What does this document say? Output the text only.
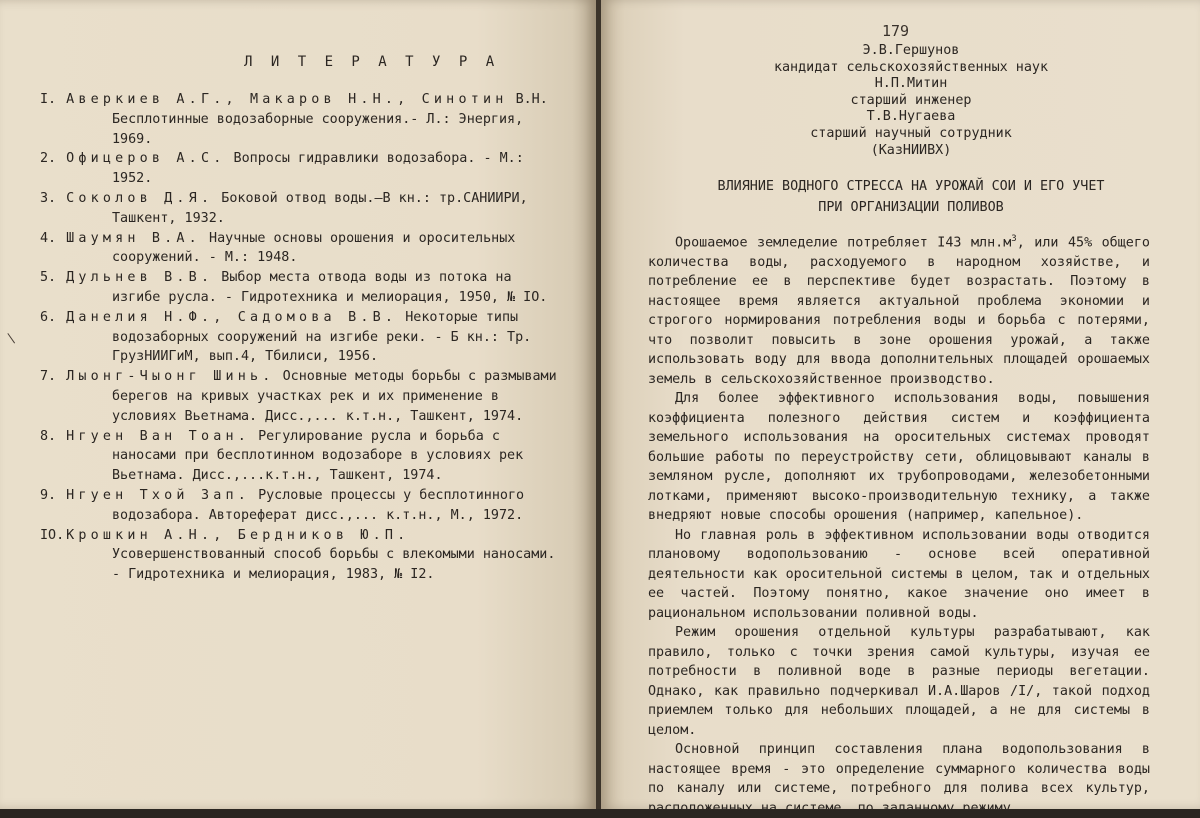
Л И Т Е Р А Т У Р А
I. Аверкиев А.Г., Макаров Н.Н., Синотин В.Н. Бесплотинные водозаборные сооружения.- Л.: Энергия, 1969.
2. Офицеров А.С. Вопросы гидравлики водозабора. - М.: 1952.
3. Соколов Д.Я. Боковой отвод воды.—В кн.: тр.САНИИРИ, Ташкент, 1932.
4. Шаумян В.А. Научные основы орошения и оросительных сооружений. - М.: 1948.
5. Дульнев В.В. Выбор места отвода воды из потока на изгибе русла. - Гидротехника и мелиорация, 1950, № IO.
6. Данелия Н.Ф., Садомова В.В. Некоторые типы водозаборных сооружений на изгибе реки. - Б кн.: Тр. ГрузНИИГиМ, вып.4, Тбилиси, 1956.
7. Лыонг-Чыонг Шинь. Основные методы борьбы с размывами берегов на кривых участках рек и их применение в условиях Вьетнама. Дисс.,... к.т.н., Ташкент, 1974.
8. Нгуен Ван Тоан. Регулирование русла и борьба с наносами при бесплотинном водозаборе в условиях рек Вьетнама. Дисс.,...к.т.н., Ташкент, 1974.
9. Нгуен Тхой Зап. Русловые процессы у бесплотинного водозабора. Автореферат дисс.,... к.т.н., М., 1972.
IO. Крошкин А.Н., Бердников Ю.П. Усовершенствованный способ борьбы с влекомыми наносами. - Гидротехника и мелиорация, 1983, № I2.
179
Э.В.Гершунов
кандидат сельскохозяйственных наук
Н.П.Митин
старший инженер
Т.В.Нугаева
старший научный сотрудник
(КазНИИВХ)
ВЛИЯНИЕ ВОДНОГО СТРЕССА НА УРОЖАЙ СОИ И ЕГО УЧЕТ
ПРИ ОРГАНИЗАЦИИ ПОЛИВОВ

Орошаемое земледелие потребляет I43 $млн.м^3$, или 45% общего количества воды, расходуемого в народном хозяйстве, и потребление ее в перспективе будет возрастать. Поэтому в настоящее время является актуальной проблема экономии и строгого нормирования потребления воды и борьба с потерями, что позволит повысить в зоне орошения урожай, а также использовать воду для ввода дополнительных площадей орошаемых земель в сельскохозяйственное производство.

Для более эффективного использования воды, повышения коэффициента полезного действия систем и коэффициента земельного использования на оросительных системах проводят большие работы по переустройству сети, облицовывают каналы в земляном русле, дополняют их трубопроводами, железобетонными лотками, применяют высоко-производительную технику, а также внедряют новые способы орошения (например, капельное).

Но главная роль в эффективном использовании воды отводится плановому водопользованию - основе всей оперативной деятельности как оросительной системы в целом, так и отдельных ее частей. Поэтому понятно, какое значение оно имеет в рациональном использовании поливной воды.

Режим орошения отдельной культуры разрабатывают, как правило, только с точки зрения самой культуры, изучая ее потребности в поливной воде в разные периоды вегетации. Однако, как правильно подчеркивал И.А.Шаров /I/, такой подход приемлем только для небольших площадей, а не для системы в целом.

Основной принцип составления плана водопользования в настоящее время - это определение суммарного количества воды по каналу или системе, потребного для полива всех культур, расположенных на системе, по заданному режиму.
